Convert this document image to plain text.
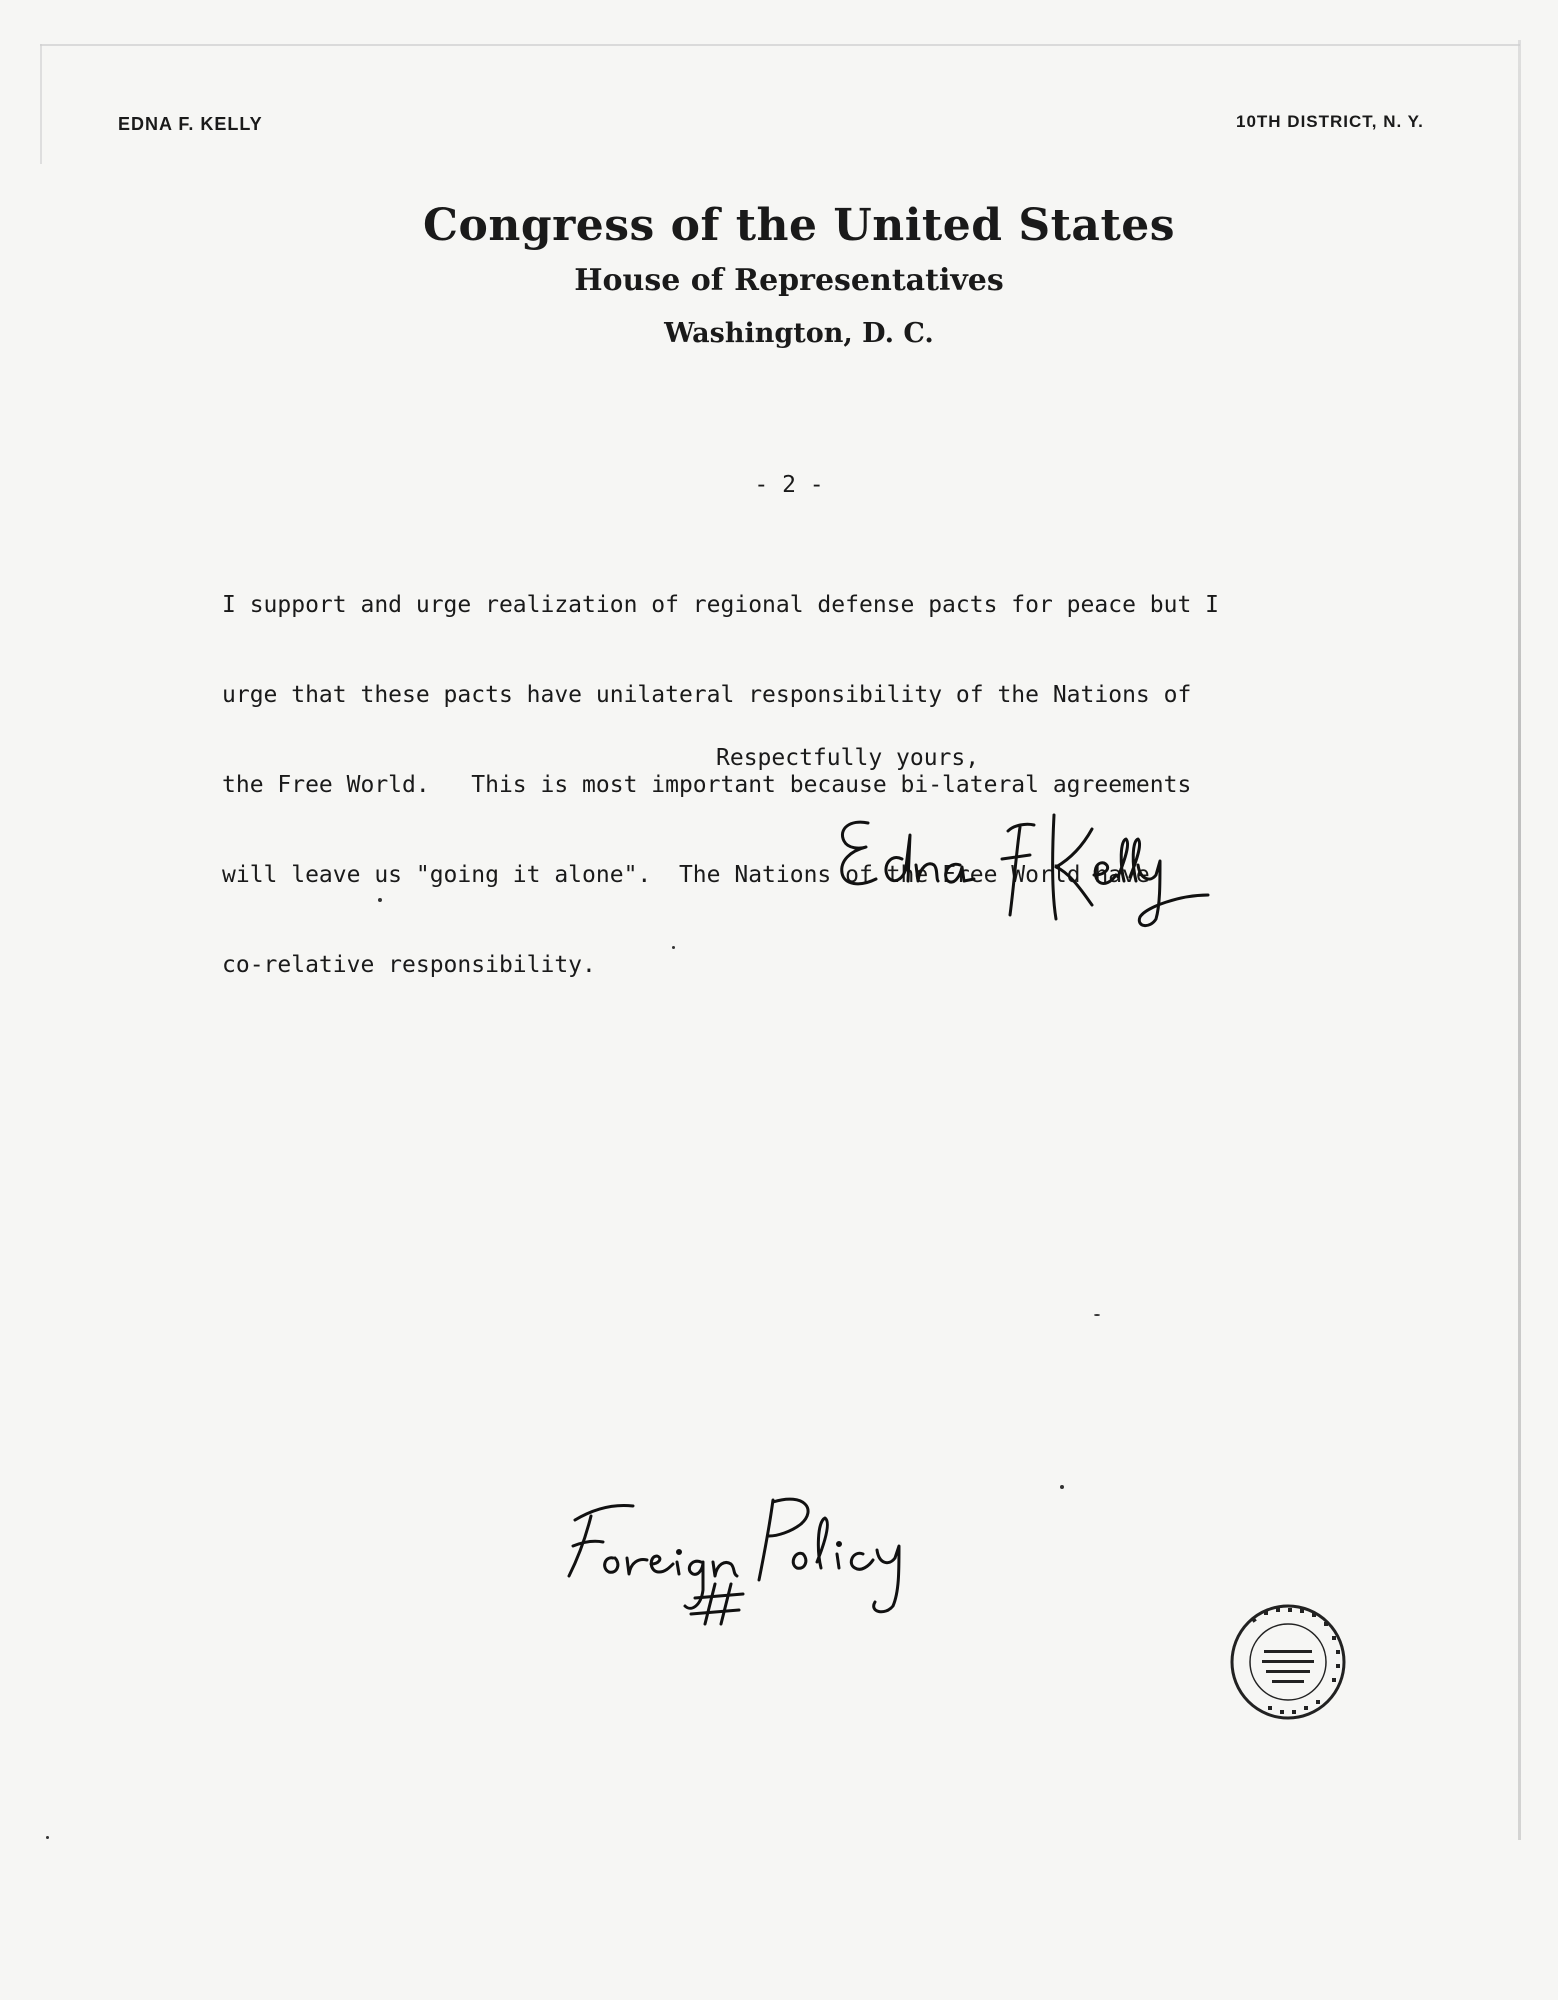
EDNA F. KELLY	10TH DISTRICT, N. Y.
Congress of the United States
House of Representatives
Washington, D. C.
- 2 -

I support and urge realization of regional defense pacts for peace but I

urge that these pacts have unilateral responsibility of the Nations of

the Free World.   This is most important because bi-lateral agreements

will leave us "going it alone".  The Nations of the Free World have

co-relative responsibility.

Respectfully yours,
